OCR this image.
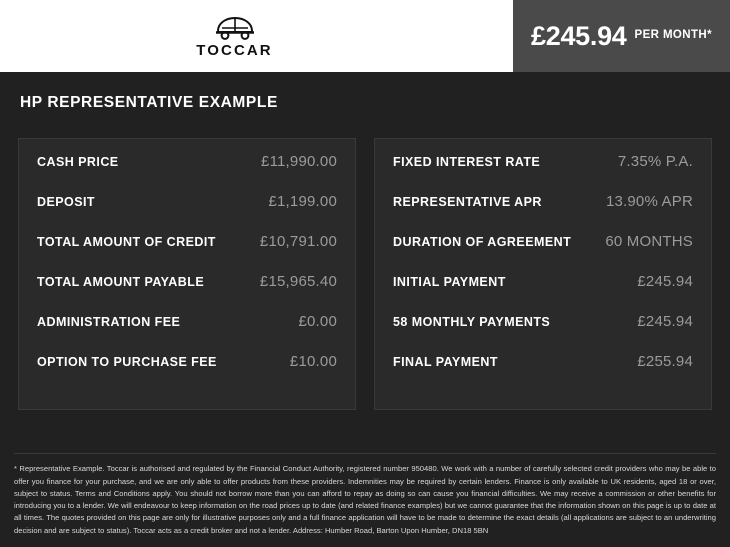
TOCCAR	£245.94 PER MONTH*
HP REPRESENTATIVE EXAMPLE
CASH PRICE	£11,990.00
DEPOSIT	£1,199.00
TOTAL AMOUNT OF CREDIT	£10,791.00
TOTAL AMOUNT PAYABLE	£15,965.40
ADMINISTRATION FEE	£0.00
OPTION TO PURCHASE FEE	£10.00
FIXED INTEREST RATE	7.35% P.A.
REPRESENTATIVE APR	13.90% APR
DURATION OF AGREEMENT 60 MONTHS
INITIAL PAYMENT	£245.94
58 MONTHLY PAYMENTS	£245.94
FINAL PAYMENT	£255.94
* Representative Example. Toccar is authorised and regulated by the Financial Conduct Authority, registered number 950480. We work with a number of carefully selected credit providers who may be able to offer you finance for your purchase, and we are only able to offer products from these providers. Indemnities may be required by certain lenders. Finance is only available to UK residents, aged 18 or over, subject to status. Terms and Conditions apply. You should not borrow more than you can afford to repay as doing so can cause you financial difficulties. We may receive a commission or other benefits for introducing you to a lender. We will endeavour to keep information on the road prices up to date (and related finance examples) but we cannot guarantee that the information shown on this page is up to date at all times. The quotes provided on this page are only for illustrative purposes only and a full finance application will have to be made to determine the exact details (all applications are subject to an underwriting decision and are subject to status). Toccar acts as a credit broker and not a lender. Address: Humber Road, Barton Upon Humber, DN18 5BN
